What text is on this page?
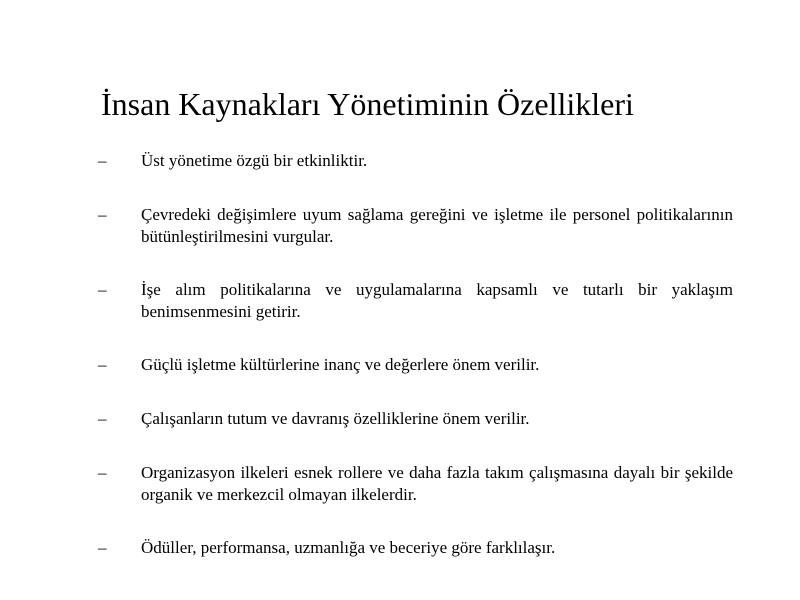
İnsan Kaynakları Yönetiminin Özellikleri
– Üst yönetime özgü bir etkinliktir.
– Çevredeki değişimlere uyum sağlama gereğini ve işletme ile personel politikalarının bütünleştirilmesini vurgular.
– İşe alım politikalarına ve uygulamalarına kapsamlı ve tutarlı bir yaklaşım benimsenmesini getirir.
– Güçlü işletme kültürlerine inanç ve değerlere önem verilir.
– Çalışanların tutum ve davranış özelliklerine önem verilir.
– Organizasyon ilkeleri esnek rollere ve daha fazla takım çalışmasına dayalı bir şekilde organik ve merkezcil olmayan ilkelerdir.
– Ödüller, performansa, uzmanlığa ve beceriye göre farklılaşır.
